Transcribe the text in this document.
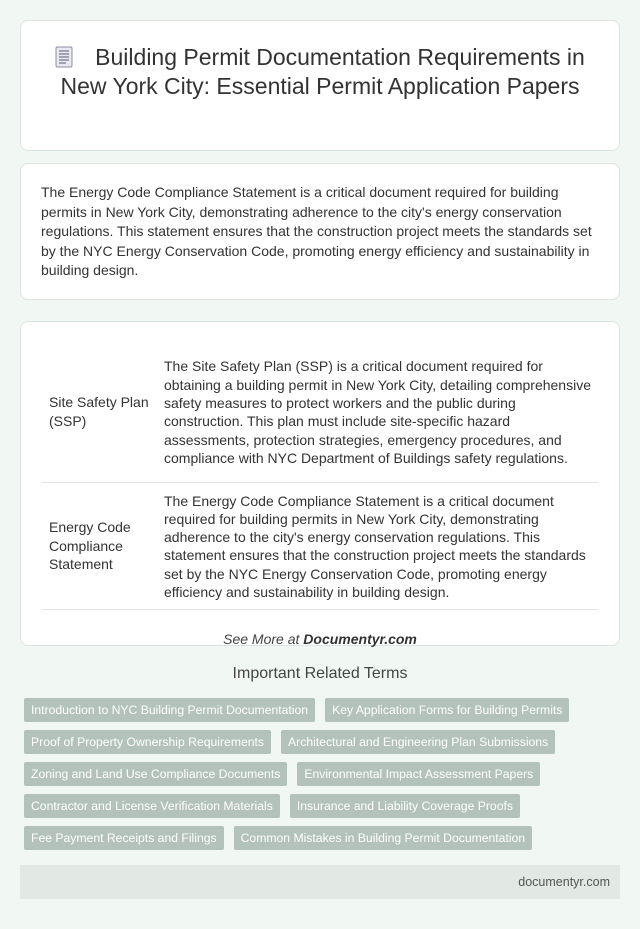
Building Permit Documentation Requirements in New York City: Essential Permit Application Papers

The Energy Code Compliance Statement is a critical document required for building permits in New York City, demonstrating adherence to the city's energy conservation regulations. This statement ensures that the construction project meets the standards set by the NYC Energy Conservation Code, promoting energy efficiency and sustainability in building design.

Site Safety Plan (SSP)	The Site Safety Plan (SSP) is a critical document required for obtaining a building permit in New York City, detailing comprehensive safety measures to protect workers and the public during construction. This plan must include site-specific hazard assessments, protection strategies, emergency procedures, and compliance with NYC Department of Buildings safety regulations.
Energy Code Compliance Statement	The Energy Code Compliance Statement is a critical document required for building permits in New York City, demonstrating adherence to the city's energy conservation regulations. This statement ensures that the construction project meets the standards set by the NYC Energy Conservation Code, promoting energy efficiency and sustainability in building design.

See More at Documentyr.com

Important Related Terms
Introduction to NYC Building Permit Documentation Key Application Forms for Building Permits
Proof of Property Ownership Requirements Architectural and Engineering Plan Submissions
Zoning and Land Use Compliance Documents Environmental Impact Assessment Papers
Contractor and License Verification Materials Insurance and Liability Coverage Proofs
Fee Payment Receipts and Filings Common Mistakes in Building Permit Documentation
documentyr.com
